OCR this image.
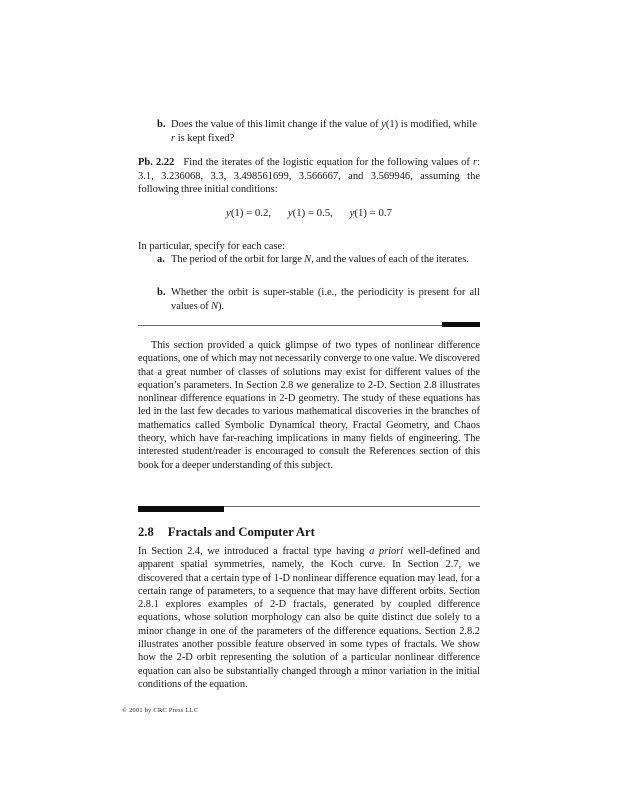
b. Does the value of this limit change if the value of y(1) is modified, while r is kept fixed?

Pb. 2.22 Find the iterates of the logistic equation for the following values of r: 3.1, 3.236068, 3.3, 3.498561699, 3.566667, and 3.569946, assuming the following three initial conditions:

y(1) = 0.2, y(1) = 0.5, y(1) = 0.7
In particular, specify for each case:
a. The period of the orbit for large N, and the values of each of the iterates.
b. Whether the orbit is super-stable (i.e., the periodicity is present for all values of N).

This section provided a quick glimpse of two types of nonlinear difference equations, one of which may not necessarily converge to one value. We discovered that a great number of classes of solutions may exist for different values of the equation’s parameters. In Section 2.8 we generalize to 2-D. Section 2.8 illustrates nonlinear difference equations in 2-D geometry. The study of these equations has led in the last few decades to various mathematical discoveries in the branches of mathematics called Symbolic Dynamical theory, Fractal Geometry, and Chaos theory, which have far-reaching implications in many fields of engineering. The interested student/reader is encouraged to consult the References section of this book for a deeper understanding of this subject.

2.8 Fractals and Computer Art

In Section 2.4, we introduced a fractal type having a priori well-defined and apparent spatial symmetries, namely, the Koch curve. In Section 2.7, we discovered that a certain type of 1-D nonlinear difference equation may lead, for a certain range of parameters, to a sequence that may have different orbits. Section 2.8.1 explores examples of 2-D fractals, generated by coupled difference equations, whose solution morphology can also be quite distinct due solely to a minor change in one of the parameters of the difference equations. Section 2.8.2 illustrates another possible feature observed in some types of fractals. We show how the 2-D orbit representing the solution of a particular nonlinear difference equation can also be substantially changed through a minor variation in the initial conditions of the equation.

© 2001 by CRC Press LLC
